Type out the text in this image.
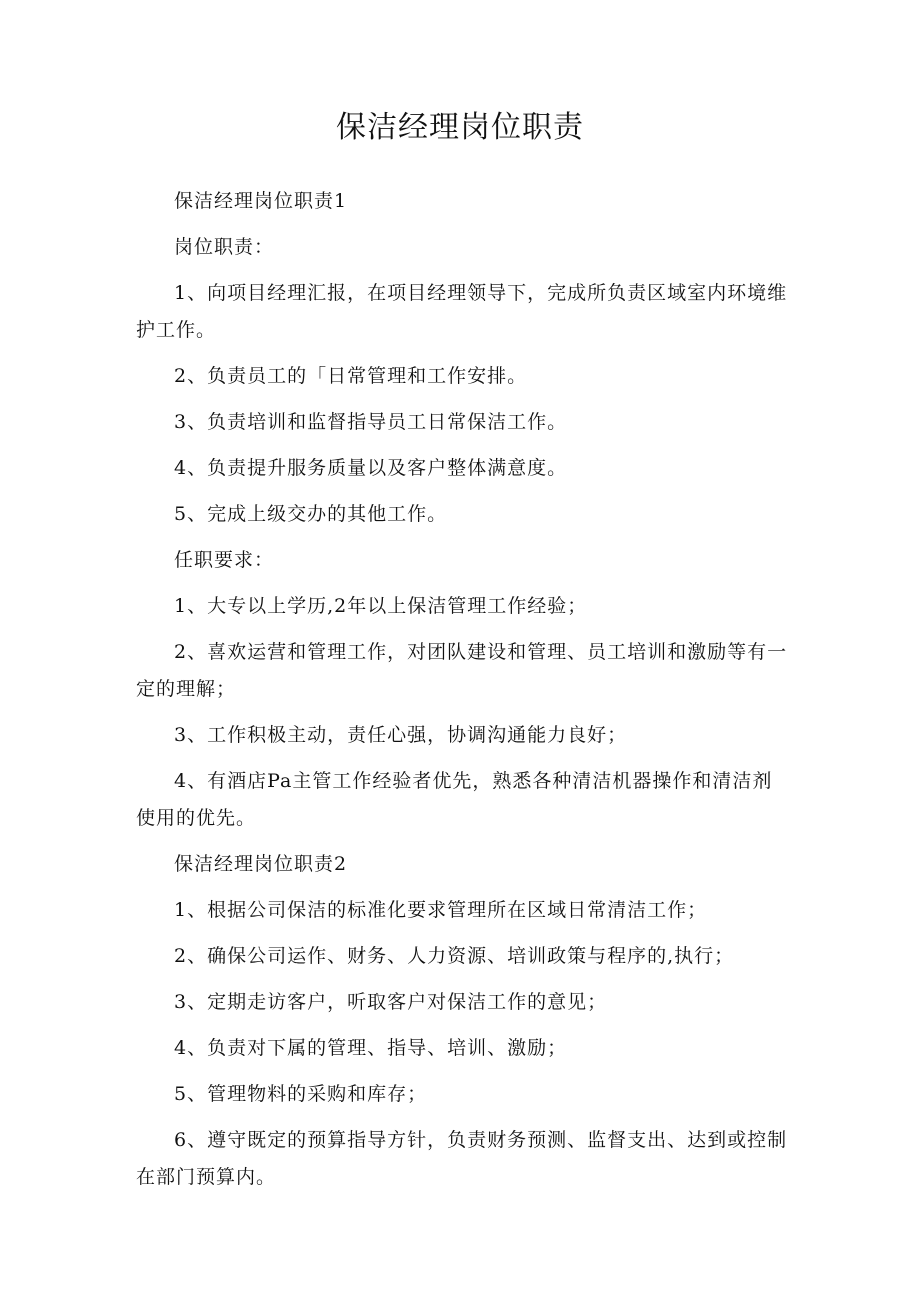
保洁经理岗位职责

保洁经理岗位职责1

岗位职责：

1、向项目经理汇报，在项目经理领导下，完成所负责区域室内环境维护工作。

2、负责员工的「日常管理和工作安排。

3、负责培训和监督指导员工日常保洁工作。

4、负责提升服务质量以及客户整体满意度。

5、完成上级交办的其他工作。

任职要求：

1、大专以上学历,2年以上保洁管理工作经验；

2、喜欢运营和管理工作，对团队建设和管理、员工培训和激励等有一定的理解；

3、工作积极主动，责任心强，协调沟通能力良好；

4、有酒店Pa主管工作经验者优先，熟悉各种清洁机器操作和清洁剂使用的优先。

保洁经理岗位职责2

1、根据公司保洁的标准化要求管理所在区域日常清洁工作；

2、确保公司运作、财务、人力资源、培训政策与程序的,执行；

3、定期走访客户，听取客户对保洁工作的意见；

4、负责对下属的管理、指导、培训、激励；

5、管理物料的采购和库存；

6、遵守既定的预算指导方针，负责财务预测、监督支出、达到或控制在部门预算内。
